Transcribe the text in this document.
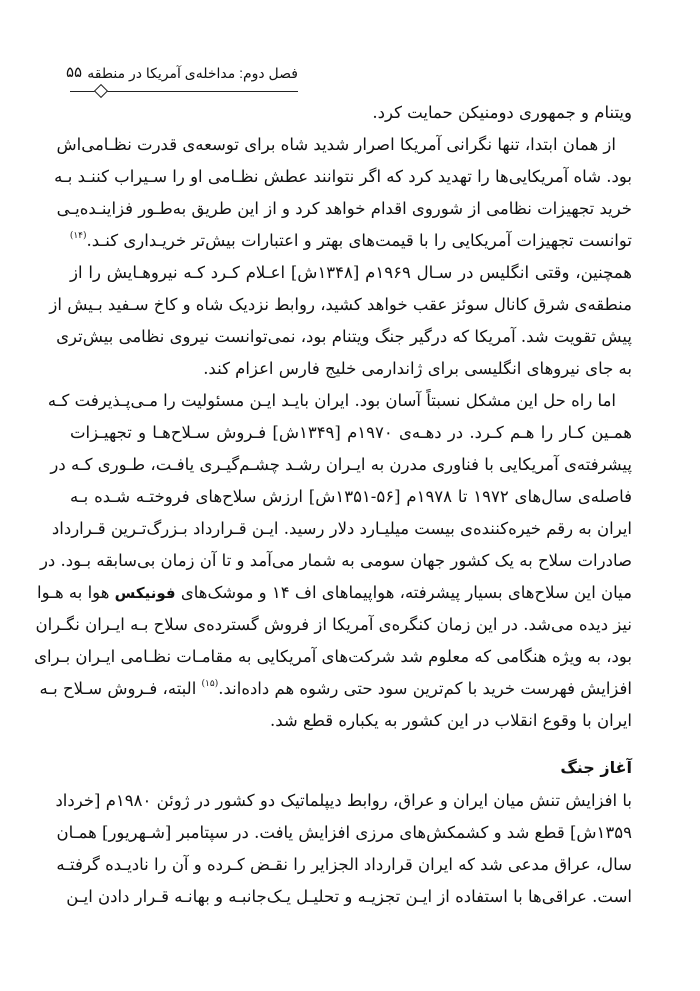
فصل دوم: مداخله‌ی آمریکا در منطقه
۵۵
آغاز جنگ
ویتنام و جمهوری دومنیکن حمایت کرد.
از همان ابتدا، تنها نگرانی آمریکا اصرار شدید شاه برای توسعه‌ی قدرت نظـامی‌اش
بود. شاه آمریکایی‌ها را تهدید کرد که اگر نتوانند عطش نظـامی او را سـیراب کننـد بـه
خرید تجهیزات نظامی از شوروی اقدام خواهد کرد و از این طریق به‌طـور فزاینـده‌یـی
توانست تجهیزات آمریکایی را با قیمت‌های بهتر و اعتبارات بیش‌تر خریـداری کنـد.$^{(۱۴)}$
همچنین، وقتی انگلیس در سـال ۱۹۶۹م [۱۳۴۸ش] اعـلام کـرد کـه نیروهـایش را از
منطقه‌ی شرق کانال سوئز عقب خواهد کشید، روابط نزدیک شاه و کاخ سـفید بـیش از
پیش تقویت شد. آمریکا که درگیر جنگ ویتنام بود، نمی‌توانست نیروی نظامی بیش‌تری
به جای نیروهای انگلیسی برای ژاندارمی خلیج فارس اعزام کند.
اما راه حل این مشکل نسبتاً آسان بود. ایران بایـد ایـن مسئولیت را مـی‌پـذیرفت کـه
همـین کـار را هـم کـرد. در دهـه‌ی ۱۹۷۰م [۱۳۴۹ش] فـروش سـلاح‌هـا و تجهیـزات
پیشرفته‌ی آمریکایی با فناوری مدرن به ایـران رشـد چشـم‌گیـری یافـت، طـوری کـه در
فاصله‌ی سال‌های ۱۹۷۲ تا ۱۹۷۸م [۵۶-۱۳۵۱ش] ارزش سلاح‌های فروختـه شـده بـه
ایران به رقم خیره‌کننده‌ی بیست میلیـارد دلار رسید. ایـن قـرارداد بـزرگ‌تـرین قـرارداد
صادرات سلاح به یک کشور جهان سومی به شمار می‌آمد و تا آن زمان بی‌سابقه بـود. در
میان این سلاح‌های بسیار پیشرفته، هواپیماهای اف ۱۴ و موشک‌های فونیکس هوا به هـوا
نیز دیده می‌شد. در این زمان کنگره‌ی آمریکا از فروش گسترده‌ی سلاح بـه ایـران نگـران
بود، به ویژه هنگامی که معلوم شد شرکت‌های آمریکایی به مقامـات نظـامی ایـران بـرای
افزایش فهرست خرید با کم‌ترین سود حتی رشوه هم داده‌اند.$^{(۱۵)}$ البته، فـروش سـلاح بـه
ایران با وقوع انقلاب در این کشور به یکباره قطع شد.
با افزایش تنش میان ایران و عراق، روابط دیپلماتیک دو کشور در ژوئن ۱۹۸۰م [خرداد
۱۳۵۹ش] قطع شد و کشمکش‌های مرزی افزایش یافت. در سپتامبر [شـهریور] همـان
سال، عراق مدعی شد که ایران قرارداد الجزایر را نقـض کـرده و آن را نادیـده گرفتـه
است. عراقی‌ها با استفاده از ایـن تجزیـه و تحلیـل یـک‌جانبـه و بهانـه قـرار دادن ایـن
